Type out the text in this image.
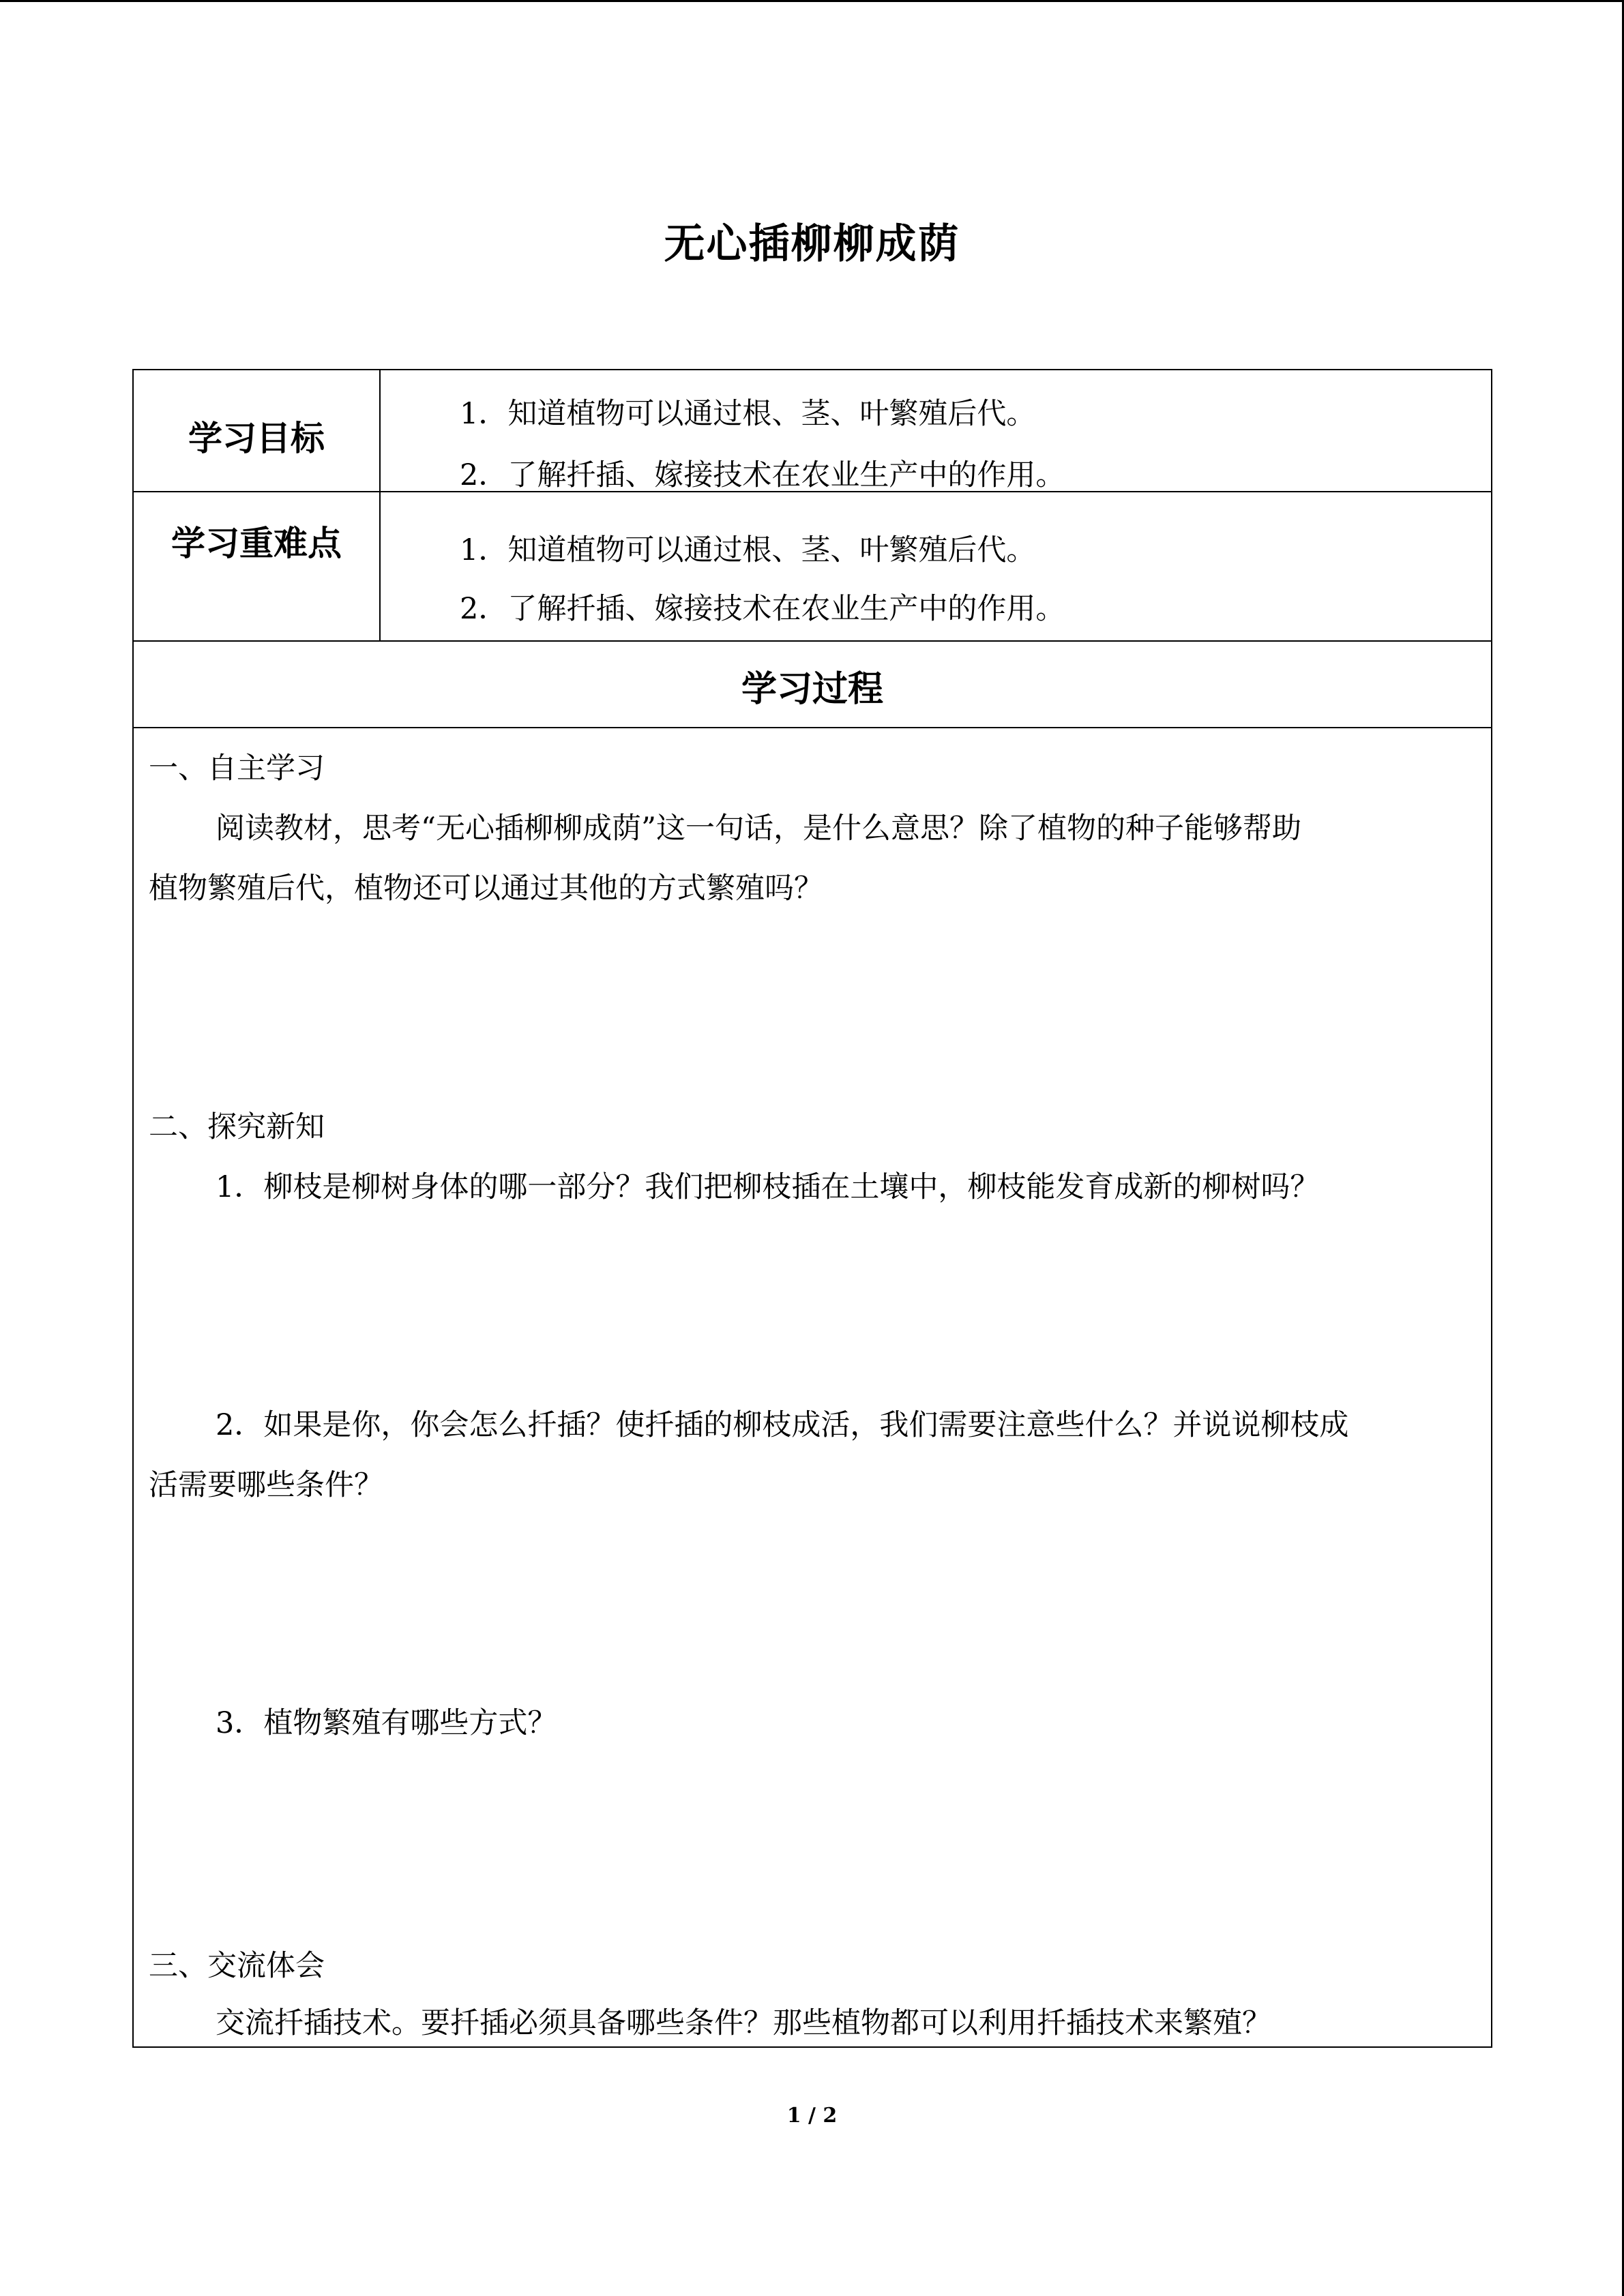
无心插柳柳成荫
学习目标
1．知道植物可以通过根、茎、叶繁殖后代。
2．了解扦插、嫁接技术在农业生产中的作用。
学习重难点	1．知道植物可以通过根、茎、叶繁殖后代。
2．了解扦插、嫁接技术在农业生产中的作用。
学习过程
一、自主学习
阅读教材，思考“无心插柳柳成荫”这一句话，是什么意思？除了植物的种子能够帮助
植物繁殖后代，植物还可以通过其他的方式繁殖吗？
二、探究新知
1．柳枝是柳树身体的哪一部分？我们把柳枝插在土壤中，柳枝能发育成新的柳树吗？
2．如果是你，你会怎么扦插？使扦插的柳枝成活，我们需要注意些什么？并说说柳枝成
活需要哪些条件？
3．植物繁殖有哪些方式？
三、交流体会
交流扦插技术。要扦插必须具备哪些条件？那些植物都可以利用扦插技术来繁殖？
1 / 2
